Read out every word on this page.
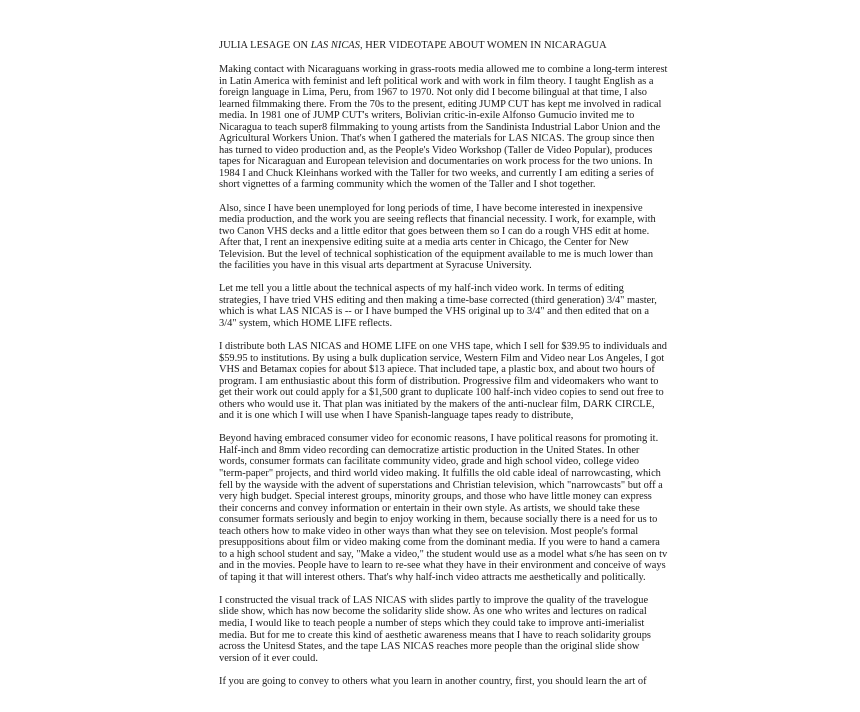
JULIA LESAGE ON LAS NICAS, HER VIDEOTAPE ABOUT WOMEN IN NICARAGUA
Making contact with Nicaraguans working in grass-roots media allowed me to combine a long-term interest
in Latin America with feminist and left political work and with work in film theory. I taught English as a
foreign language in Lima, Peru, from 1967 to 1970. Not only did I become bilingual at that time, I also
learned filmmaking there. From the 70s to the present, editing JUMP CUT has kept me involved in radical
media. In 1981 one of JUMP CUT's writers, Bolivian critic-in-exile Alfonso Gumucio invited me to
Nicaragua to teach super8 filmmaking to young artists from the Sandinista Industrial Labor Union and the
Agricultural Workers Union. That's when I gathered the materials for LAS NICAS. The group since then
has turned to video production and, as the People's Video Workshop (Taller de Video Popular), produces
tapes for Nicaraguan and European television and documentaries on work process for the two unions. In
1984 I and Chuck Kleinhans worked with the Taller for two weeks, and currently I am editing a series of
short vignettes of a farming community which the women of the Taller and I shot together.
Also, since I have been unemployed for long periods of time, I have become interested in inexpensive
media production, and the work you are seeing reflects that financial necessity. I work, for example, with
two Canon VHS decks and a little editor that goes between them so I can do a rough VHS edit at home.
After that, I rent an inexpensive editing suite at a media arts center in Chicago, the Center for New
Television. But the level of technical sophistication of the equipment available to me is much lower than
the facilities you have in this visual arts department at Syracuse University.
Let me tell you a little about the technical aspects of my half-inch video work. In terms of editing
strategies, I have tried VHS editing and then making a time-base corrected (third generation) 3/4" master,
which is what LAS NICAS is -- or I have bumped the VHS original up to 3/4" and then edited that on a
3/4" system, which HOME LIFE reflects.
I distribute both LAS NICAS and HOME LIFE on one VHS tape, which I sell for $39.95 to individuals and
$59.95 to institutions. By using a bulk duplication service, Western Film and Video near Los Angeles, I got
VHS and Betamax copies for about $13 apiece. That included tape, a plastic box, and about two hours of
program. I am enthusiastic about this form of distribution. Progressive film and videomakers who want to
get their work out could apply for a $1,500 grant to duplicate 100 half-inch video copies to send out free to
others who would use it. That plan was initiated by the makers of the anti-nuclear film, DARK CIRCLE,
and it is one which I will use when I have Spanish-language tapes ready to distribute,
Beyond having embraced consumer video for economic reasons, I have political reasons for promoting it.
Half-inch and 8mm video recording can democratize artistic production in the United States. In other
words, consumer formats can facilitate community video, grade and high school video, college video
"term-paper" projects, and third world video making. It fulfills the old cable ideal of narrowcasting, which
fell by the wayside with the advent of superstations and Christian television, which "narrowcasts" but off a
very high budget. Special interest groups, minority groups, and those who have little money can express
their concerns and convey information or entertain in their own style. As artists, we should take these
consumer formats seriously and begin to enjoy working in them, because socially there is a need for us to
teach others how to make video in other ways than what they see on television. Most people's formal
presuppositions about film or video making come from the dominant media. If you were to hand a camera
to a high school student and say, "Make a video," the student would use as a model what s/he has seen on tv
and in the movies. People have to learn to re-see what they have in their environment and conceive of ways
of taping it that will interest others. That's why half-inch video attracts me aesthetically and politically.
I constructed the visual track of LAS NICAS with slides partly to improve the quality of the travelogue
slide show, which has now become the solidarity slide show. As one who writes and lectures on radical
media, I would like to teach people a number of steps which they could take to improve anti-imerialist
media. But for me to create this kind of aesthetic awareness means that I have to reach solidarity groups
across the Unitesd States, and the tape LAS NICAS reaches more people than the original slide show
version of it ever could.
If you are going to convey to others what you learn in another country, first, you should learn the art of
